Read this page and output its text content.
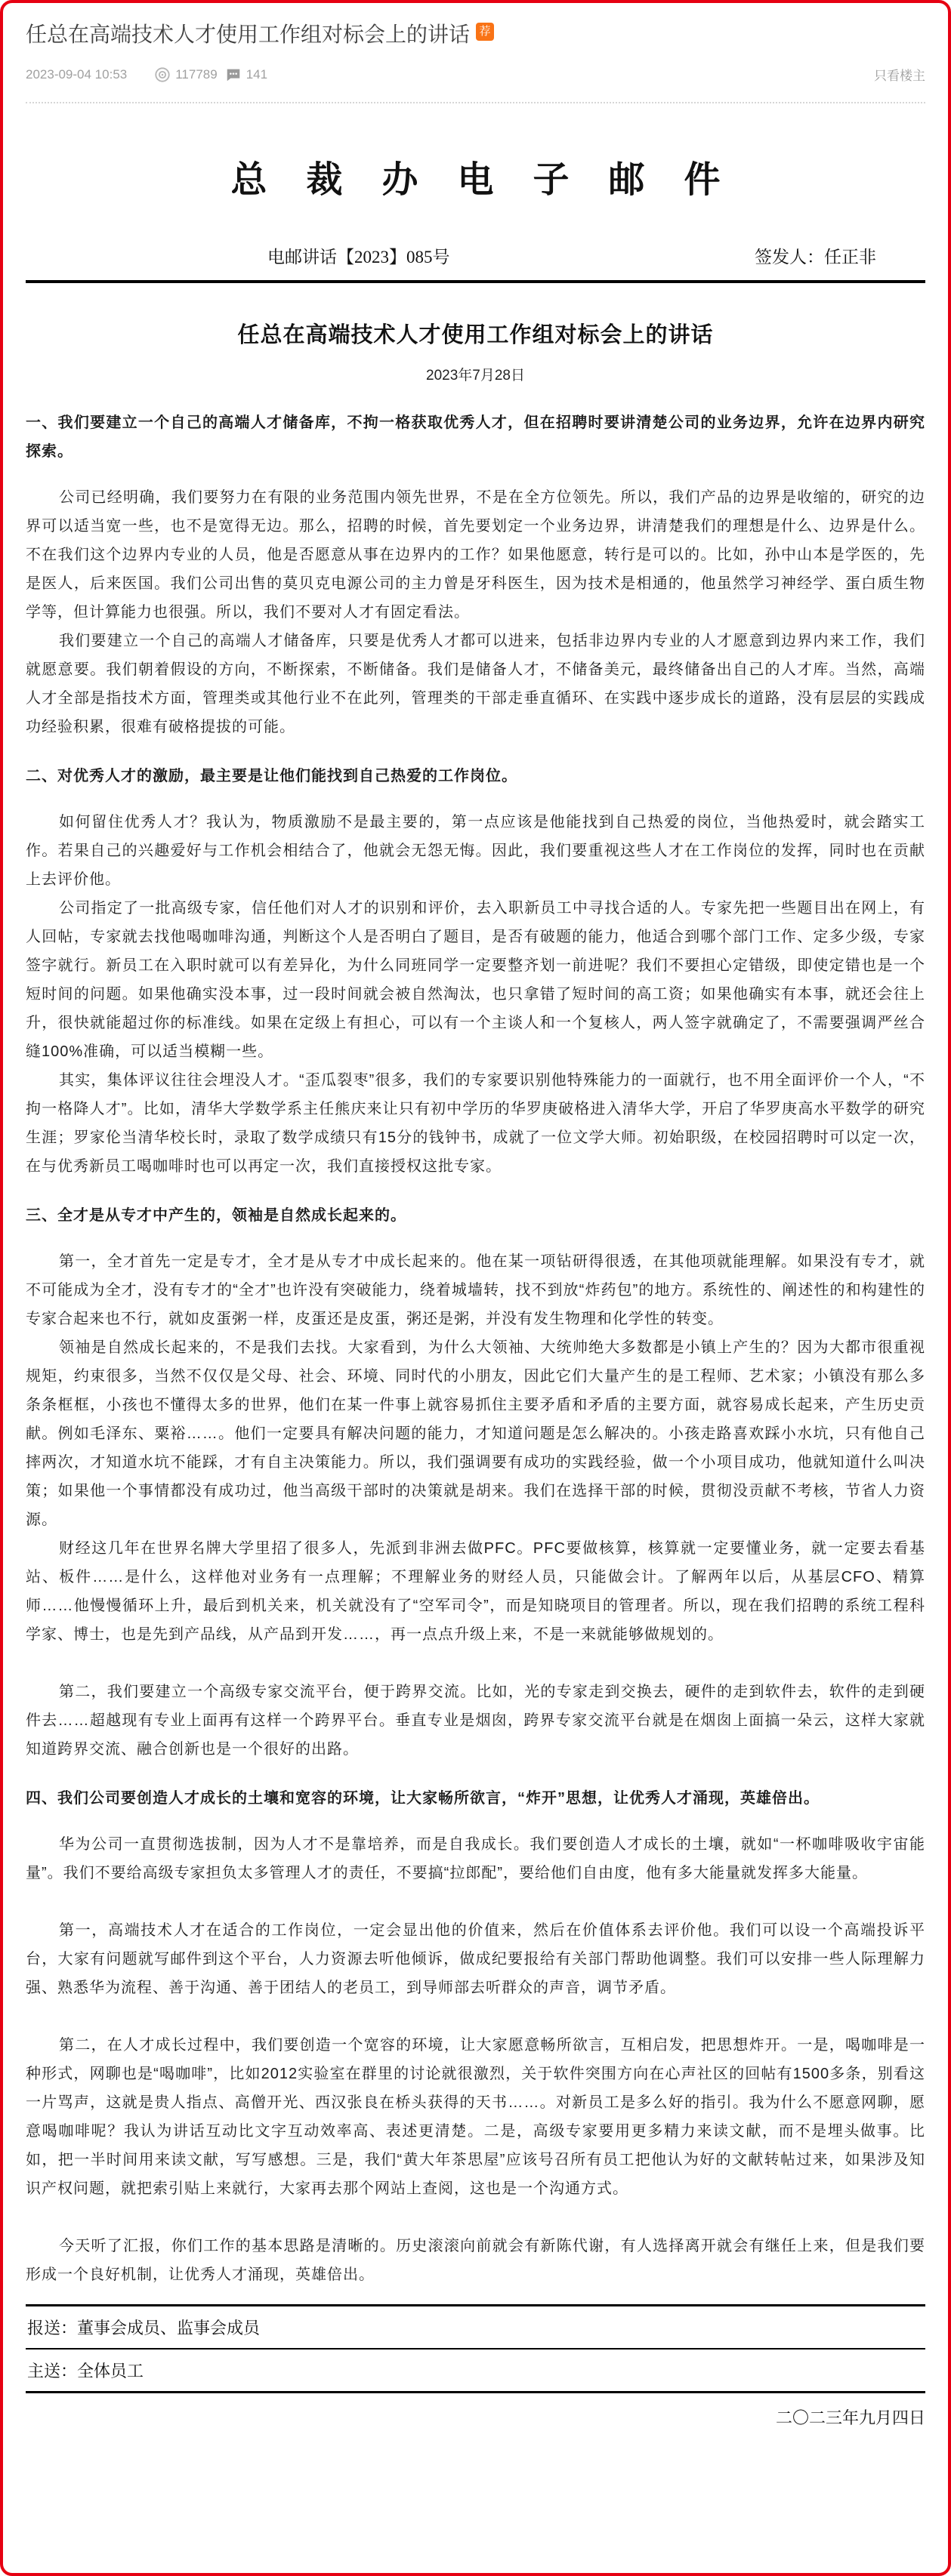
任总在高端技术人才使用工作组对标会上的讲话 荐
2023-09-04 10:53	117789 141	只看楼主
总裁办电子邮件
电邮讲话【2023】085号	签发人：任正非
任总在高端技术人才使用工作组对标会上的讲话
2023年7月28日

一、我们要建立一个自己的高端人才储备库，不拘一格获取优秀人才，但在招聘时要讲清楚公司的业务边界，允许在边界内研究探索。

公司已经明确，我们要努力在有限的业务范围内领先世界，不是在全方位领先。所以，我们产品的边界是收缩的，研究的边界可以适当宽一些，也不是宽得无边。那么，招聘的时候，首先要划定一个业务边界，讲清楚我们的理想是什么、边界是什么。不在我们这个边界内专业的人员，他是否愿意从事在边界内的工作？如果他愿意，转行是可以的。比如，孙中山本是学医的，先是医人，后来医国。我们公司出售的莫贝克电源公司的主力曾是牙科医生，因为技术是相通的，他虽然学习神经学、蛋白质生物学等，但计算能力也很强。所以，我们不要对人才有固定看法。

我们要建立一个自己的高端人才储备库，只要是优秀人才都可以进来，包括非边界内专业的人才愿意到边界内来工作，我们就愿意要。我们朝着假设的方向，不断探索，不断储备。我们是储备人才，不储备美元，最终储备出自己的人才库。当然，高端人才全部是指技术方面，管理类或其他行业不在此列，管理类的干部走垂直循环、在实践中逐步成长的道路，没有层层的实践成功经验积累，很难有破格提拔的可能。

二、对优秀人才的激励，最主要是让他们能找到自己热爱的工作岗位。

如何留住优秀人才？我认为，物质激励不是最主要的，第一点应该是他能找到自己热爱的岗位，当他热爱时，就会踏实工作。若果自己的兴趣爱好与工作机会相结合了，他就会无怨无悔。因此，我们要重视这些人才在工作岗位的发挥，同时也在贡献上去评价他。

公司指定了一批高级专家，信任他们对人才的识别和评价，去入职新员工中寻找合适的人。专家先把一些题目出在网上，有人回帖，专家就去找他喝咖啡沟通，判断这个人是否明白了题目，是否有破题的能力，他适合到哪个部门工作、定多少级，专家签字就行。新员工在入职时就可以有差异化，为什么同班同学一定要整齐划一前进呢？我们不要担心定错级，即使定错也是一个短时间的问题。如果他确实没本事，过一段时间就会被自然淘汰，也只拿错了短时间的高工资；如果他确实有本事，就还会往上升，很快就能超过你的标准线。如果在定级上有担心，可以有一个主谈人和一个复核人，两人签字就确定了，不需要强调严丝合缝100%准确，可以适当模糊一些。

其实，集体评议往往会埋没人才。“歪瓜裂枣”很多，我们的专家要识别他特殊能力的一面就行，也不用全面评价一个人，“不拘一格降人才”。比如，清华大学数学系主任熊庆来让只有初中学历的华罗庚破格进入清华大学，开启了华罗庚高水平数学的研究生涯；罗家伦当清华校长时，录取了数学成绩只有15分的钱钟书，成就了一位文学大师。初始职级，在校园招聘时可以定一次，在与优秀新员工喝咖啡时也可以再定一次，我们直接授权这批专家。

三、全才是从专才中产生的，领袖是自然成长起来的。

第一，全才首先一定是专才，全才是从专才中成长起来的。他在某一项钻研得很透，在其他项就能理解。如果没有专才，就不可能成为全才，没有专才的“全才”也许没有突破能力，绕着城墙转，找不到放“炸药包”的地方。系统性的、阐述性的和构建性的专家合起来也不行，就如皮蛋粥一样，皮蛋还是皮蛋，粥还是粥，并没有发生物理和化学性的转变。

领袖是自然成长起来的，不是我们去找。大家看到，为什么大领袖、大统帅绝大多数都是小镇上产生的？因为大都市很重视规矩，约束很多，当然不仅仅是父母、社会、环境、同时代的小朋友，因此它们大量产生的是工程师、艺术家；小镇没有那么多条条框框，小孩也不懂得太多的世界，他们在某一件事上就容易抓住主要矛盾和矛盾的主要方面，就容易成长起来，产生历史贡献。例如毛泽东、粟裕……。他们一定要具有解决问题的能力，才知道问题是怎么解决的。小孩走路喜欢踩小水坑，只有他自己摔两次，才知道水坑不能踩，才有自主决策能力。所以，我们强调要有成功的实践经验，做一个小项目成功，他就知道什么叫决策；如果他一个事情都没有成功过，他当高级干部时的决策就是胡来。我们在选择干部的时候，贯彻没贡献不考核，节省人力资源。

财经这几年在世界名牌大学里招了很多人，先派到非洲去做PFC。PFC要做核算，核算就一定要懂业务，就一定要去看基站、板件……是什么，这样他对业务有一点理解；不理解业务的财经人员，只能做会计。了解两年以后，从基层CFO、精算师……他慢慢循环上升，最后到机关来，机关就没有了“空军司令”，而是知晓项目的管理者。所以，现在我们招聘的系统工程科学家、博士，也是先到产品线，从产品到开发……，再一点点升级上来，不是一来就能够做规划的。

第二，我们要建立一个高级专家交流平台，便于跨界交流。比如，光的专家走到交换去，硬件的走到软件去，软件的走到硬件去……超越现有专业上面再有这样一个跨界平台。垂直专业是烟囱，跨界专家交流平台就是在烟囱上面搞一朵云，这样大家就知道跨界交流、融合创新也是一个很好的出路。

四、我们公司要创造人才成长的土壤和宽容的环境，让大家畅所欲言，“炸开”思想，让优秀人才涌现，英雄倍出。

华为公司一直贯彻选拔制，因为人才不是靠培养，而是自我成长。我们要创造人才成长的土壤，就如“一杯咖啡吸收宇宙能量”。我们不要给高级专家担负太多管理人才的责任，不要搞“拉郎配”，要给他们自由度，他有多大能量就发挥多大能量。

第一，高端技术人才在适合的工作岗位，一定会显出他的价值来，然后在价值体系去评价他。我们可以设一个高端投诉平台，大家有问题就写邮件到这个平台，人力资源去听他倾诉，做成纪要报给有关部门帮助他调整。我们可以安排一些人际理解力强、熟悉华为流程、善于沟通、善于团结人的老员工，到导师部去听群众的声音，调节矛盾。

第二，在人才成长过程中，我们要创造一个宽容的环境，让大家愿意畅所欲言，互相启发，把思想炸开。一是，喝咖啡是一种形式，网聊也是“喝咖啡”，比如2012实验室在群里的讨论就很激烈，关于软件突围方向在心声社区的回帖有1500多条，别看这一片骂声，这就是贵人指点、高僧开光、西汉张良在桥头获得的天书……。对新员工是多么好的指引。我为什么不愿意网聊，愿意喝咖啡呢？我认为讲话互动比文字互动效率高、表述更清楚。二是，高级专家要用更多精力来读文献，而不是埋头做事。比如，把一半时间用来读文献，写写感想。三是，我们“黄大年茶思屋”应该号召所有员工把他认为好的文献转帖过来，如果涉及知识产权问题，就把索引贴上来就行，大家再去那个网站上查阅，这也是一个沟通方式。

今天听了汇报，你们工作的基本思路是清晰的。历史滚滚向前就会有新陈代谢，有人选择离开就会有继任上来，但是我们要形成一个良好机制，让优秀人才涌现，英雄倍出。

报送：董事会成员、监事会成员
主送：全体员工
二〇二三年九月四日
